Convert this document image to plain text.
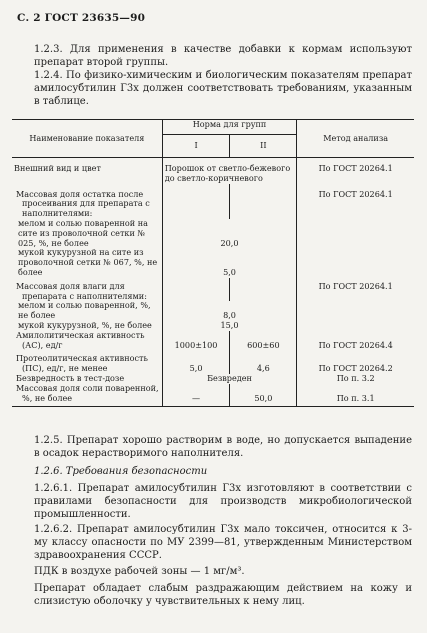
С. 2 ГОСТ 23635—90
1.2.3. Для применения в качестве добавки к кормам используют препарат второй группы.
1.2.4. По физико-химическим и биологическим показателям препарат амилосубтилин Г3х должен соответствовать требованиям, указанным в таблице.
Наименование показателя	Норма для групп		Метод анализа
	I	II	
Внешний вид и цвет	Порошок от светло-бежевого до светло-коричневого		По ГОСТ 20264.1
Массовая доля остатка после просеивания для препарата с наполнителями:			По ГОСТ 20264.1
мелом и солью поваренной на сите из проволочной сетки № 025, %, не более	20,0		
мукой кукурузной на сите из проволочной сетки № 067, %, не более	5,0		
Массовая доля влаги для препарата с наполнителями:			По ГОСТ 20264.1
мелом и солью поваренной, %, не более	8,0		
мукой кукурузной, %, не более	15,0		
Амилолитическая активность (АС), ед/г	1000±100	600±60	По ГОСТ 20264.4
Протеолитическая активность (ПС), ед/г, не менее	5,0	4,6	По ГОСТ 20264.2
Безвредность в тест-дозе	Безвреден		По п. 3.2
Массовая доля соли поваренной, %, не более	—	50,0	По п. 3.1
1.2.5. Препарат хорошо растворим в воде, но допускается выпадение в осадок нерастворимого наполнителя.
1.2.6. Требования безопасности
1.2.6.1. Препарат амилосубтилин Г3х изготовляют в соответствии с правилами безопасности для производств микробиологической промышленности.
1.2.6.2. Препарат амилосубтилин Г3х мало токсичен, относится к 3-му классу опасности по МУ 2399—81, утвержденным Министерством здравоохранения СССР.
ПДК в воздухе рабочей зоны — 1 мг/м³.
Препарат обладает слабым раздражающим действием на кожу и слизистую оболочку у чувствительных к нему лиц.
